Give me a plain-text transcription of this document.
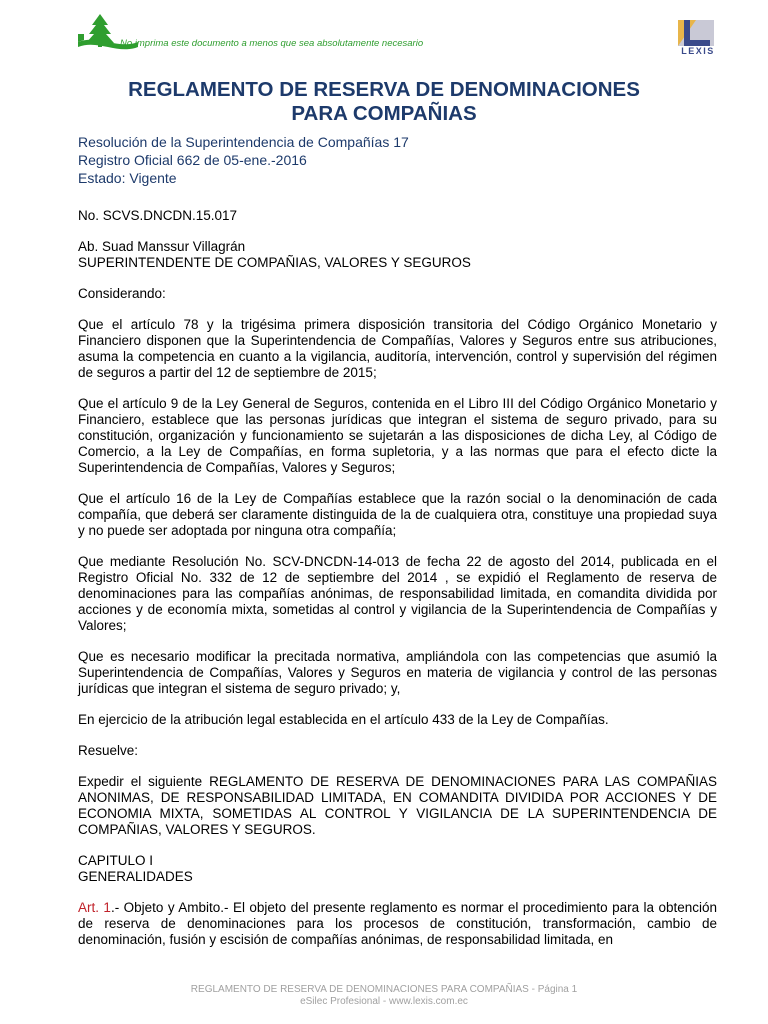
No imprima este documento a menos que sea absolutamente necesario
LEXIS
REGLAMENTO DE RESERVA DE DENOMINACIONES
PARA COMPAÑIAS
Resolución de la Superintendencia de Compañías 17
Registro Oficial 662 de 05-ene.-2016
Estado: Vigente

No. SCVS.DNCDN.15.017

Ab. Suad Manssur Villagrán

SUPERINTENDENTE DE COMPAÑIAS, VALORES Y SEGUROS

Considerando:

Que el artículo 78 y la trigésima primera disposición transitoria del Código Orgánico Monetario y Financiero disponen que la Superintendencia de Compañías, Valores y Seguros entre sus atribuciones, asuma la competencia en cuanto a la vigilancia, auditoría, intervención, control y supervisión del régimen de seguros a partir del 12 de septiembre de 2015;

Que el artículo 9 de la Ley General de Seguros, contenida en el Libro III del Código Orgánico Monetario y Financiero, establece que las personas jurídicas que integran el sistema de seguro privado, para su constitución, organización y funcionamiento se sujetarán a las disposiciones de dicha Ley, al Código de Comercio, a la Ley de Compañías, en forma supletoria, y a las normas que para el efecto dicte la Superintendencia de Compañías, Valores y Seguros;

Que el artículo 16 de la Ley de Compañías establece que la razón social o la denominación de cada compañía, que deberá ser claramente distinguida de la de cualquiera otra, constituye una propiedad suya y no puede ser adoptada por ninguna otra compañía;

Que mediante Resolución No. SCV-DNCDN-14-013 de fecha 22 de agosto del 2014, publicada en el Registro Oficial No. 332 de 12 de septiembre del 2014 , se expidió el Reglamento de reserva de denominaciones para las compañías anónimas, de responsabilidad limitada, en comandita dividida por acciones y de economía mixta, sometidas al control y vigilancia de la Superintendencia de Compañías y Valores;

Que es necesario modificar la precitada normativa, ampliándola con las competencias que asumió la Superintendencia de Compañías, Valores y Seguros en materia de vigilancia y control de las personas jurídicas que integran el sistema de seguro privado; y,

En ejercicio de la atribución legal establecida en el artículo 433 de la Ley de Compañías.

Resuelve:

Expedir el siguiente REGLAMENTO DE RESERVA DE DENOMINACIONES PARA LAS COMPAÑIAS ANONIMAS, DE RESPONSABILIDAD LIMITADA, EN COMANDITA DIVIDIDA POR ACCIONES Y DE ECONOMIA MIXTA, SOMETIDAS AL CONTROL Y VIGILANCIA DE LA SUPERINTENDENCIA DE COMPAÑIAS, VALORES Y SEGUROS.

CAPITULO I

GENERALIDADES

Art. 1.- Objeto y Ambito.- El objeto del presente reglamento es normar el procedimiento para la obtención de reserva de denominaciones para los procesos de constitución, transformación, cambio de denominación, fusión y escisión de compañías anónimas, de responsabilidad limitada, en

REGLAMENTO DE RESERVA DE DENOMINACIONES PARA COMPAÑIAS - Página 1
eSilec Profesional - www.lexis.com.ec
